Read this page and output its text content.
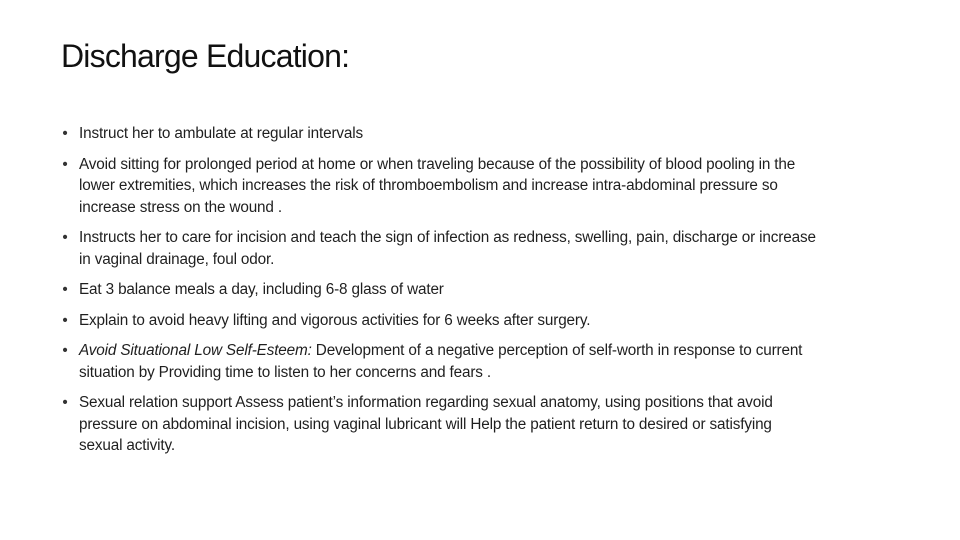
Discharge Education:
• Instruct her to ambulate at regular intervals
• Avoid sitting for prolonged period at home or when traveling because of the possibility of blood pooling in the lower extremities, which increases the risk of thromboembolism and increase intra-abdominal pressure so increase stress on the wound .
• Instructs her to care for incision and teach the sign of infection as redness, swelling, pain, discharge or increase in vaginal drainage, foul odor.
• Eat 3 balance meals a day, including 6-8 glass of water
• Explain to avoid heavy lifting and vigorous activities for 6 weeks after surgery.
• Avoid Situational Low Self-Esteem: Development of a negative perception of self-worth in response to current situation by Providing time to listen to her concerns and fears .
• Sexual relation support Assess patient’s information regarding sexual anatomy, using positions that avoid pressure on abdominal incision, using vaginal lubricant will Help the patient return to desired or satisfying sexual activity.
